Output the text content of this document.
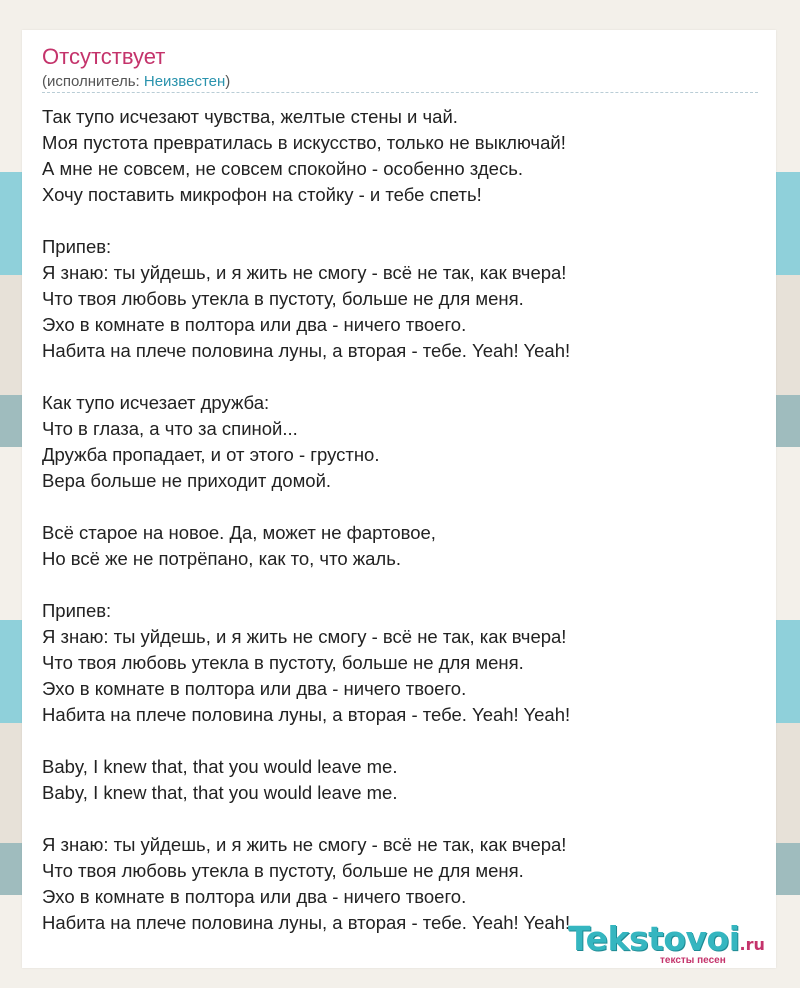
Отсутствует
(исполнитель: Неизвестен)
Так тупо исчезают чувства, желтые стены и чай.
Моя пустота превратилась в искусство, только не выключай!
А мне не совсем, не совсем спокойно - особенно здесь.
Хочу поставить микрофон на стойку - и тебе спеть!
Припев:
Я знаю: ты уйдешь, и я жить не смогу - всё не так, как вчера!
Что твоя любовь утекла в пустоту, больше не для меня.
Эхо в комнате в полтора или два - ничего твоего.
Набита на плече половина луны, а вторая - тебе. Yeah! Yeah!
Как тупо исчезает дружба:
Что в глаза, а что за спиной...
Дружба пропадает, и от этого - грустно.
Вера больше не приходит домой.
Всё старое на новое. Да, может не фартовое,
Но всё же не потрёпано, как то, что жаль.
Припев:
Я знаю: ты уйдешь, и я жить не смогу - всё не так, как вчера!
Что твоя любовь утекла в пустоту, больше не для меня.
Эхо в комнате в полтора или два - ничего твоего.
Набита на плече половина луны, а вторая - тебе. Yeah! Yeah!
Baby, I knew that, that you would leave me.
Baby, I knew that, that you would leave me.
Я знаю: ты уйдешь, и я жить не смогу - всё не так, как вчера!
Что твоя любовь утекла в пустоту, больше не для меня.
Эхо в комнате в полтора или два - ничего твоего.
Набита на плече половина луны, а вторая - тебе. Yeah! Yeah!
Tekstovoi.ru
тексты песен
